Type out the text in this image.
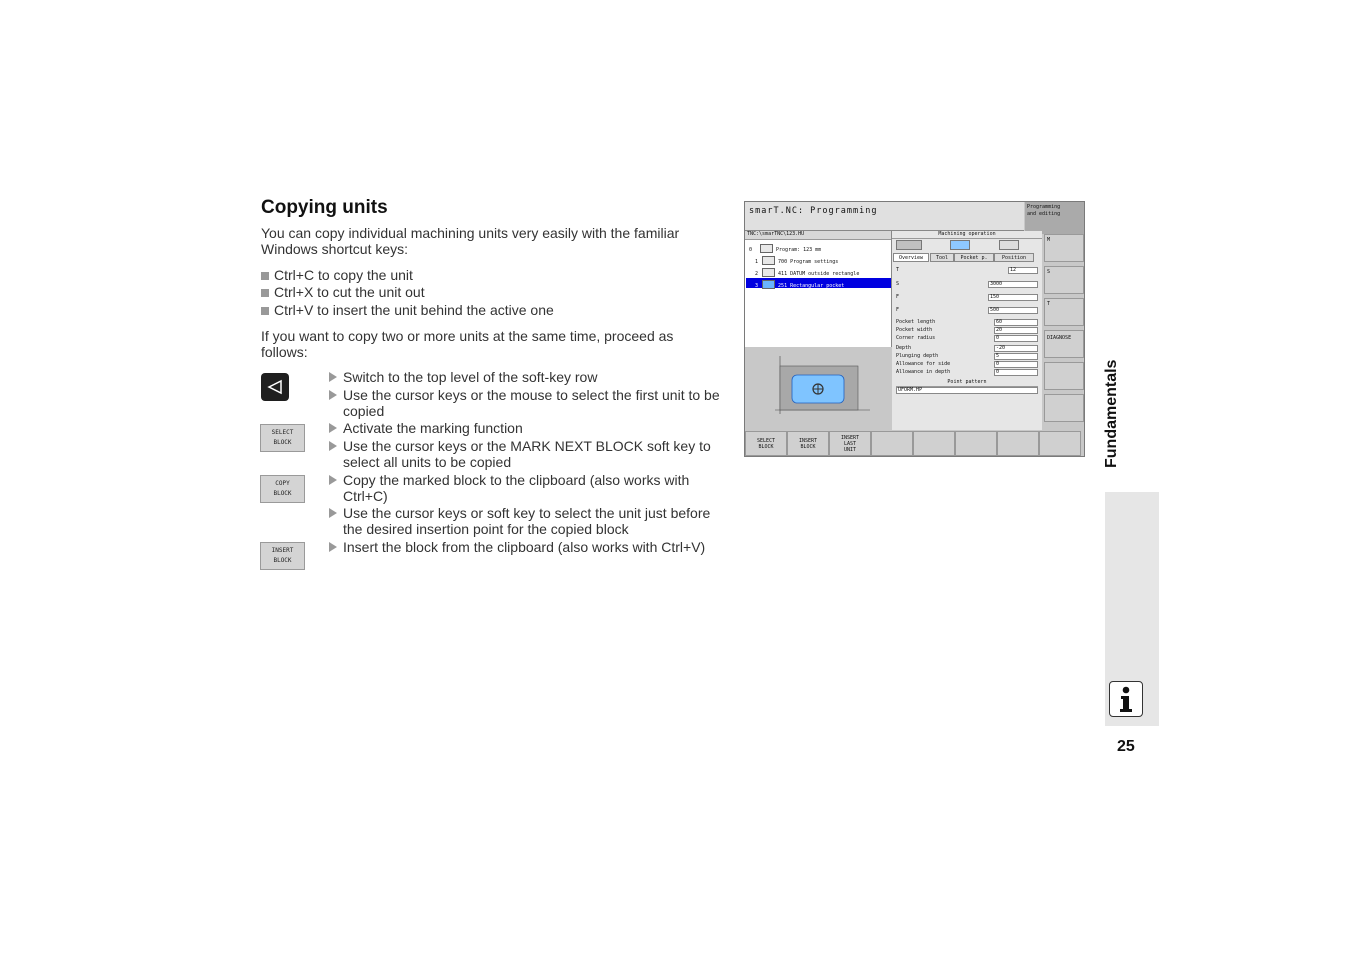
Copying units
You can copy individual machining units very easily with the familiar Windows shortcut keys:
Ctrl+C to copy the unit
Ctrl+X to cut the unit out
Ctrl+V to insert the unit behind the active one
If you want to copy two or more units at the same time, proceed as follows:
SELECT
BLOCK
COPY
BLOCK
INSERT
BLOCK
Switch to the top level of the soft-key row
Use the cursor keys or the mouse to select the first unit to be copied
Activate the marking function
Use the cursor keys or the MARK NEXT BLOCK soft key to select all units to be copied
Copy the marked block to the clipboard (also works with Ctrl+C)
Use the cursor keys or soft key to select the unit just before the desired insertion point for the copied block
Insert the block from the clipboard (also works with Ctrl+V)
smarT.NC: Programming	Programming
and editing
TNC:\smarTNC\123.HU
0	Program: 123 mm
1	700 Program settings
2	411 DATUM outside rectangle
3	251 Rectangular pocket
Machining operation
Overview	Tool	Pocket p.	Position
T	12
S	3000
F	150
F	500
Pocket length	60
Pocket width	20
Corner radius	0
Depth	-20
Plunging depth	5
Allowance for side	0
Allowance in depth	0
Point pattern
UFORM.HP
M
S
T
DIAGNOSE
SELECT
BLOCK
INSERT
BLOCK
INSERT
LAST
UNIT	Fundamentals
25
